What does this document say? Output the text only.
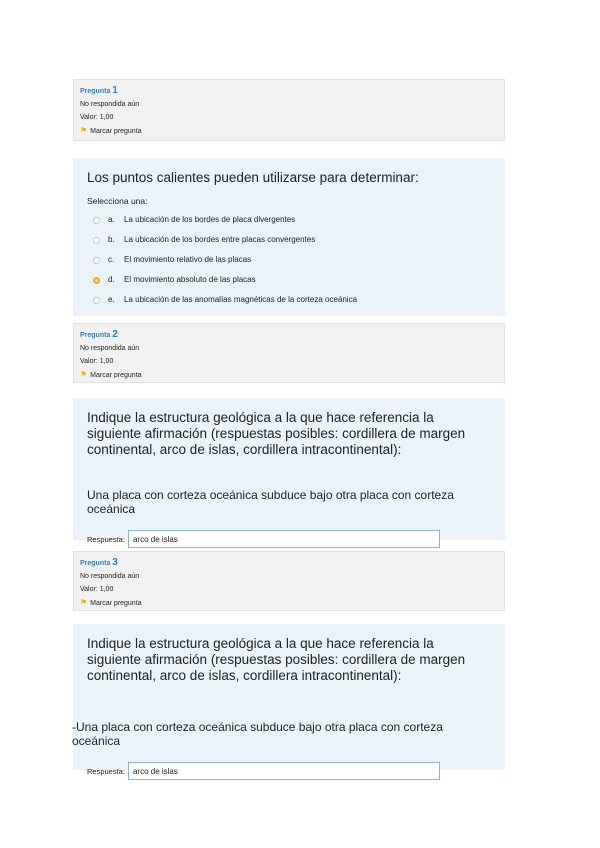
Pregunta 1
No respondida aún
Valor: 1,00
⚑ Marcar pregunta
Los puntos calientes pueden utilizarse para determinar:
Selecciona una:
a.	La ubicación de los bordes de placa divergentes
b.	La ubicación de los bordes entre placas convergentes
c.	El movimiento relativo de las placas
d.	El movimiento absoluto de las placas
e.	La ubicación de las anomalías magnéticas de la corteza oceánica
Pregunta 2
No respondida aún
Valor: 1,00
⚑ Marcar pregunta
Indique la estructura geológica a la que hace referencia la siguiente afirmación (respuestas posibles: cordillera de margen continental, arco de islas, cordillera intracontinental):
Una placa con corteza oceánica subduce bajo otra placa con corteza oceánica
Respuesta:
arco de islas
Pregunta 3
No respondida aún
Valor: 1,00
⚑ Marcar pregunta
Indique la estructura geológica a la que hace referencia la siguiente afirmación (respuestas posibles: cordillera de margen continental, arco de islas, cordillera intracontinental):
-Una placa con corteza oceánica subduce bajo otra placa con corteza oceánica
Respuesta:
arco de islas
